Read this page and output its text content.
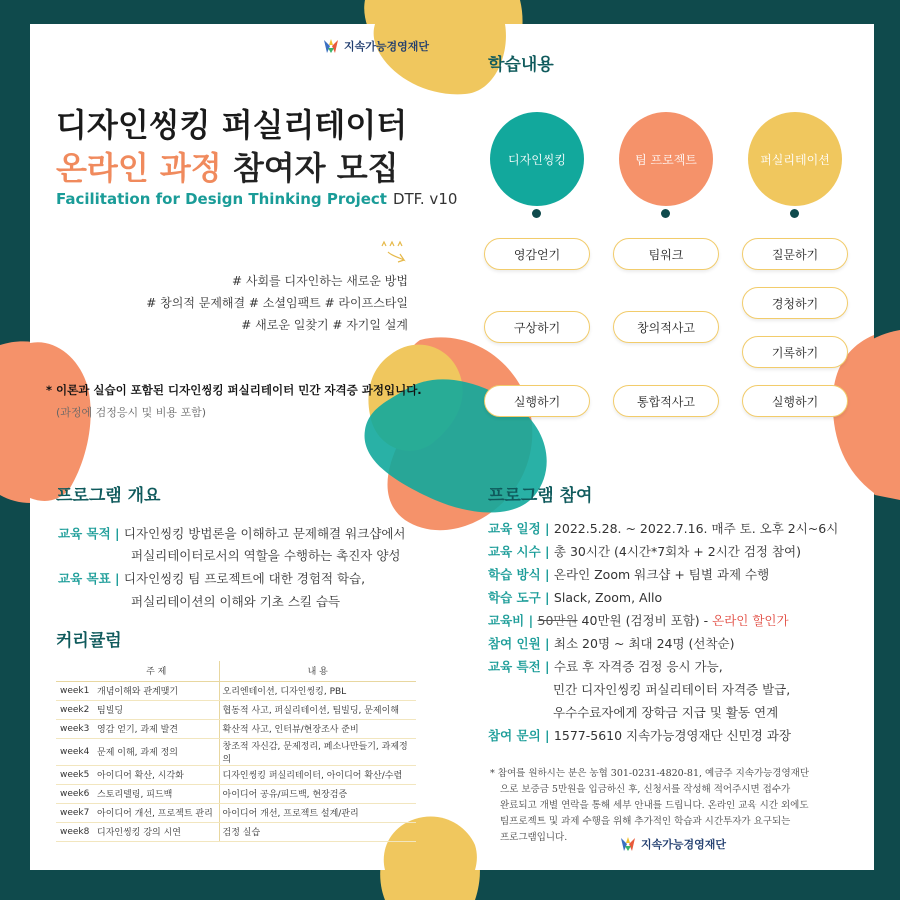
지속가능경영재단
디자인씽킹 퍼실리테이터
온라인 과정 참여자 모집
Facilitation for Design Thinking Project DTF. v10
# 사회를 디자인하는 새로운 방법
# 창의적 문제해결 # 소셜임팩트 # 라이프스타일
# 새로운 일찾기 # 자기일 설계
* 이론과 실습이 포함된 디자인씽킹 퍼실리테이터 민간 자격증 과정입니다.
(과정에 검정응시 및 비용 포함)
프로그램 개요
교육 목적 | 디자인씽킹 방법론을 이해하고 문제해결 워크샵에서
퍼실리테이터로서의 역할을 수행하는 촉진자 양성
교육 목표 | 디자인씽킹 팀 프로젝트에 대한 경험적 학습,
퍼실리테이션의 이해와 기초 스킬 습득
커리큘럼
	주 제	내 용
week1	개념이해와 관계맺기	오리엔테이션, 디자인씽킹, PBL
week2	팀빌딩	협동적 사고, 퍼실리테이션, 팀빌딩, 문제이해
week3	영감 얻기, 과제 발견	확산적 사고, 인터뷰/현장조사 준비
week4	문제 이해, 과제 정의	창조적 자신감, 문제정리, 페소나만들기, 과제정의
week5	아이디어 확산, 시각화	디자인씽킹 퍼실리테이터, 아이디어 확산/수렴
week6	스토리텔링, 피드백	아이디어 공유/피드백, 현장검증
week7	아이디어 개선, 프로젝트 관리	아이디어 개선, 프로젝트 설계/관리
week8	디자인씽킹 강의 시연	검정 실습
학습내용
디자인씽킹	팀 프로젝트	퍼실리테이션
영감얻기
구상하기
실행하기
팀워크
창의적사고
통합적사고
질문하기
경청하기
기록하기
실행하기
프로그램 참여
교육 일정 | 2022.5.28. ~ 2022.7.16. 매주 토. 오후 2시~6시
교육 시수 | 총 30시간 (4시간*7회차 + 2시간 검정 참여)
학습 방식 | 온라인 Zoom 워크샵 + 팀별 과제 수행
학습 도구 | Slack, Zoom, Allo
교육비 | 50만원 40만원 (검정비 포함) - 온라인 할인가
참여 인원 | 최소 20명 ~ 최대 24명 (선착순)
교육 특전 | 수료 후 자격증 검정 응시 가능,
민간 디자인씽킹 퍼실리테이터 자격증 발급,
우수수료자에게 장학금 지급 및 활동 연계
참여 문의 | 1577-5610 지속가능경영재단 신민경 과장
* 참여를 원하시는 분은 농협 301-0231-4820-81, 예금주 지속가능경영재단
으로 보증금 5만원을 입금하신 후, 신청서를 작성해 적어주시면 접수가
완료되고 개별 연락을 통해 세부 안내를 드립니다. 온라인 교육 시간 외에도
팀프로젝트 및 과제 수행을 위해 추가적인 학습과 시간투자가 요구되는
프로그램입니다.
지속가능경영재단
